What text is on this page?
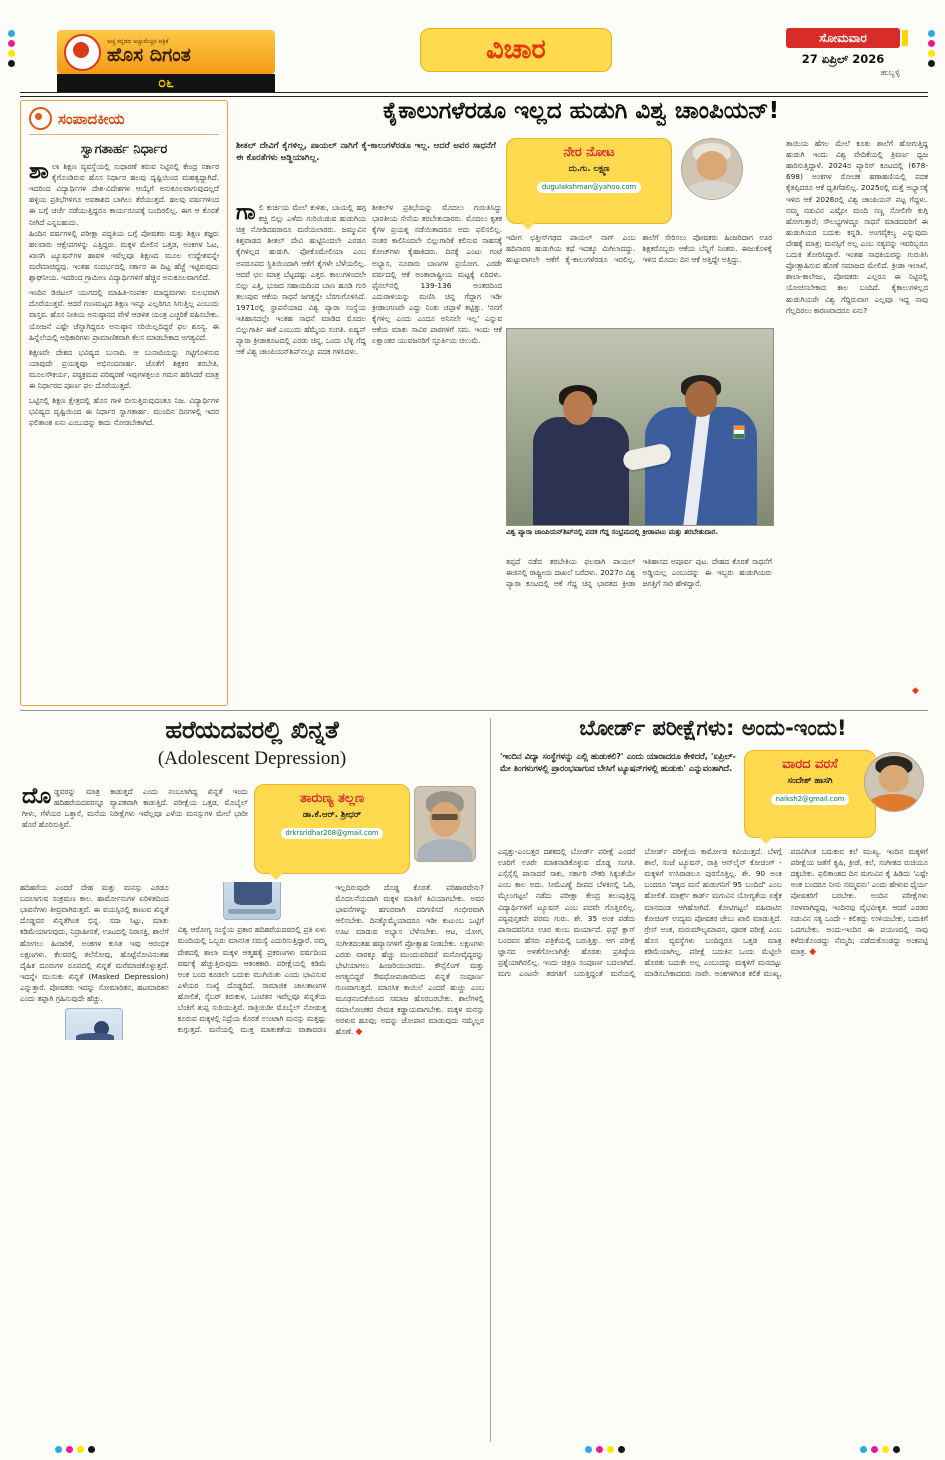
ಅಚ್ಚ ಕನ್ನಡದ ಅಚ್ಚುಮೆಚ್ಚಿನ ಪತ್ರಿಕೆ
ಹೊಸ ದಿಗಂತ
೦೬
ವಿಚಾರ	ಸೋಮವಾರ
27 ಏಪ್ರಿಲ್ 2026
ಹುಬ್ಬಳ್ಳಿ
ಸಂಪಾದಕೀಯ
ಸ್ವಾಗತಾರ್ಹ ನಿರ್ಧಾರ
ಶಾಲಾ ಶಿಕ್ಷಣ ವ್ಯವಸ್ಥೆಯಲ್ಲಿ ಸುಧಾರಣೆ ತರುವ ನಿಟ್ಟಿನಲ್ಲಿ ಕೇಂದ್ರ ಸರ್ಕಾರ ಕೈಗೊಂಡಿರುವ ಹೊಸ ನಿರ್ಧಾರ ಹಲವು ದೃಷ್ಟಿಯಿಂದ ಮಹತ್ವದ್ದಾಗಿದೆ. ಇದರಿಂದ ವಿದ್ಯಾರ್ಥಿಗಳ ದೇಶ-ವಿದೇಶಗಳ ಆಯ್ಕೆಗೆ ಅನುಕೂಲವಾಗುವುದಲ್ಲದೆ ಹಳ್ಳಿಯ ಪ್ರತಿಭೆಗಳಿಗೂ ಅವಕಾಶದ ಬಾಗಿಲು ತೆರೆಯುತ್ತದೆ. ಹಲವು ವರ್ಷಗಳಿಂದ ಈ ಬಗ್ಗೆ ಚರ್ಚೆ ನಡೆಯುತ್ತಿದ್ದರೂ ಕಾರ್ಯರೂಪಕ್ಕೆ ಬಂದಿರಲಿಲ್ಲ. ಈಗ ಆ ಕೊರತೆ ನೀಗಿದೆ ಎನ್ನಬಹುದು.

ಹಿಂದಿನ ವರ್ಷಗಳಲ್ಲಿ ಪರೀಕ್ಷಾ ಪದ್ಧತಿಯ ಬಗ್ಗೆ ಪೋಷಕರು ಮತ್ತು ಶಿಕ್ಷಣ ತಜ್ಞರು ಹಲವಾರು ಆಕ್ಷೇಪಗಳನ್ನು ಎತ್ತಿದ್ದರು. ಮಕ್ಕಳ ಮೇಲಿನ ಒತ್ತಡ, ಅಂಕಗಳ ಓಟ, ಖಾಸಗಿ ಟ್ಯೂಷನ್‌ಗಳ ಹಾವಳಿ ಇವೆಲ್ಲವೂ ಶಿಕ್ಷಣದ ಮೂಲ ಉದ್ದೇಶವನ್ನೇ ಮರೆಮಾಚಿದ್ದವು. ಇಂತಹ ಸಂದರ್ಭದಲ್ಲಿ ಸರ್ಕಾರ ಈ ದಿಟ್ಟ ಹೆಜ್ಜೆ ಇಟ್ಟಿರುವುದು ಶ್ಲಾಘನೀಯ. ಇದರಿಂದ ಗ್ರಾಮೀಣ ವಿದ್ಯಾರ್ಥಿಗಳಿಗೆ ಹೆಚ್ಚಿನ ಅನುಕೂಲವಾಗಲಿದೆ.

ಇಂದಿನ ಡಿಜಿಟಲ್ ಯುಗದಲ್ಲಿ ಮಾಹಿತಿ-ಸಂಪರ್ಕ ಮಾಧ್ಯಮಗಳು ಸುಲಭವಾಗಿ ದೊರೆಯುತ್ತವೆ. ಆದರೆ ಗುಣಮಟ್ಟದ ಶಿಕ್ಷಣ ಇನ್ನೂ ಎಲ್ಲರಿಗೂ ಸಿಗುತ್ತಿಲ್ಲ ಎಂಬುದು ವಾಸ್ತವ. ಹೊಸ ನೀತಿಯ ಅನುಷ್ಠಾನದ ವೇಳೆ ಆಡಳಿತ ಯಂತ್ರ ಎಚ್ಚರಿಕೆ ವಹಿಸಬೇಕು. ಯೋಜನೆ ಎಷ್ಟೇ ಚೆನ್ನಾಗಿದ್ದರೂ ಅನುಷ್ಠಾನ ಸರಿಯಿಲ್ಲದಿದ್ದರೆ ಫಲ ಶೂನ್ಯ. ಈ ಹಿನ್ನೆಲೆಯಲ್ಲಿ ಅಧಿಕಾರಿಗಳು ಪ್ರಾಮಾಣಿಕವಾಗಿ ಕೆಲಸ ಮಾಡಬೇಕಾದ ಅಗತ್ಯವಿದೆ.

ಶಿಕ್ಷಣವೇ ದೇಶದ ಭವಿಷ್ಯದ ಬುನಾದಿ. ಆ ಬುನಾದಿಯನ್ನು ಗಟ್ಟಿಗೊಳಿಸುವ ಯಾವುದೇ ಪ್ರಯತ್ನವೂ ಅಭಿನಂದನಾರ್ಹ. ಜೊತೆಗೆ ಶಿಕ್ಷಕರ ತರಬೇತಿ, ಮೂಲಸೌಕರ್ಯ, ಪಠ್ಯಕ್ರಮದ ಪರಿಷ್ಕರಣೆ ಇವುಗಳತ್ತಲೂ ಗಮನ ಹರಿಸಿದರೆ ಮಾತ್ರ ಈ ನಿರ್ಧಾರದ ಪೂರ್ಣ ಫಲ ದೊರೆಯುತ್ತದೆ.

ಒಟ್ಟಿನಲ್ಲಿ ಶಿಕ್ಷಣ ಕ್ಷೇತ್ರದಲ್ಲಿ ಹೊಸ ಗಾಳಿ ಬೀಸುತ್ತಿರುವುದಂತೂ ನಿಜ. ವಿದ್ಯಾರ್ಥಿಗಳ ಭವಿಷ್ಯದ ದೃಷ್ಟಿಯಿಂದ ಈ ನಿರ್ಧಾರ ಸ್ವಾಗತಾರ್ಹ. ಮುಂದಿನ ದಿನಗಳಲ್ಲಿ ಇದರ ಫಲಿತಾಂಶ ಏನು ಎಂಬುದನ್ನು ಕಾದು ನೋಡಬೇಕಾಗಿದೆ.

ಕೈಕಾಲುಗಳೆರಡೂ ಇಲ್ಲದ ಹುಡುಗಿ ವಿಶ್ವ ಚಾಂಪಿಯನ್!
ಶೀತಲ್ ದೇವಿಗೆ ಕೈಗಳಿಲ್ಲ, ಪಾಯಲ್ ನಾಗಿಗೆ ಕೈ-ಕಾಲುಗಳೆರಡೂ ಇಲ್ಲ. ಆದರೆ ಅವರ ಸಾಧನೆಗೆ ಈ ಕೊರತೆಗಳು ಅಡ್ಡಿಯಾಗಿಲ್ಲ.	ನೇರ ನೋಟ
ದು.ಗು. ಲಕ್ಷ್ಮಣ
dugulakshman@yahoo.com
ಗಾಲಿ ಕುರ್ಚಿಯ ಮೇಲೆ ಕುಳಿತು, ಬಾಯಲ್ಲಿ ಹಗ್ಗ ಕಚ್ಚಿ ಬಿಲ್ಲು ಎಳೆದು ಗುರಿಯಿಡುವ ಹುಡುಗಿಯ ಚಿತ್ರ ನೋಡಿದವರಾರೂ ಮರೆಯಲಾರರು. ಜಮ್ಮುವಿನ ಕಿಶ್ತವಾಡದ ಶೀತಲ್ ದೇವಿ ಹುಟ್ಟಿನಿಂದಲೇ ಎರಡೂ ಕೈಗಳಿಲ್ಲದ ಹುಡುಗಿ. ಫೋಕೊಮೇಲಿಯಾ ಎಂಬ ಅಪರೂಪದ ಸ್ಥಿತಿಯಿಂದಾಗಿ ಆಕೆಗೆ ಕೈಗಳೇ ಬೆಳೆಯಲಿಲ್ಲ. ಆದರೆ ಛಲ ಮಾತ್ರ ಬೆಟ್ಟದಷ್ಟು ಎತ್ತರ. ಕಾಲುಗಳಿಂದಲೇ ಬಿಲ್ಲು ಎತ್ತಿ, ಭುಜದ ಸಹಾಯದಿಂದ ಬಾಣ ಹೂಡಿ ಗುರಿ ತಲುಪುವ ಆಕೆಯ ಸಾಧನೆ ಜಗತ್ತನ್ನೇ ಬೆರಗುಗೊಳಿಸಿದೆ. 1971ರಲ್ಲಿ ಸ್ಥಾಪನೆಯಾದ ವಿಶ್ವ ಪ್ಯಾರಾ ಸಂಸ್ಥೆಯ ಇತಿಹಾಸದಲ್ಲೇ ಇಂತಹ ಸಾಧನೆ ಮಾಡಿದ ಮೊದಲ ಬಿಲ್ಲುಗಾರ್ತಿ ಈಕೆ ಎಂಬುದು ಹೆಮ್ಮೆಯ ಸಂಗತಿ. ಏಷ್ಯನ್ ಪ್ಯಾರಾ ಕ್ರೀಡಾಕೂಟದಲ್ಲಿ ಎರಡು ಚಿನ್ನ, ಒಂದು ಬೆಳ್ಳಿ ಗೆದ್ದ ಆಕೆ ವಿಶ್ವ ಚಾಂಪಿಯನ್‌ಶಿಪ್‌ನಲ್ಲೂ ಪದಕ ಗಳಿಸಿದಳು.
ಶೀತಲ್‌ಳ ಪ್ರತಿಭೆಯನ್ನು ಮೊದಲು ಗುರುತಿಸಿದ್ದು ಭಾರತೀಯ ಸೇನೆಯ ತರಬೇತುದಾರರು. ಮೊದಲು ಕೃತಕ ಕೈಗಳ ಪ್ರಯತ್ನ ನಡೆಯಿತಾದರೂ ಅದು ಫಲಿಸಲಿಲ್ಲ. ನಂತರ ಕಾಲಿನಿಂದಲೇ ಬಿಲ್ಲುಗಾರಿಕೆ ಕಲಿಸುವ ಸಾಹಸಕ್ಕೆ ಕೋಚ್‌ಗಳು ಕೈಹಾಕಿದರು. ದಿನಕ್ಕೆ ಎಂಟು ಗಂಟೆ ಅಭ್ಯಾಸ, ನೂರಾರು ಬಾಣಗಳ ಪ್ರಯೋಗ. ಎರಡೇ ವರ್ಷದಲ್ಲಿ ಆಕೆ ಅಂತಾರಾಷ್ಟ್ರೀಯ ಮಟ್ಟಕ್ಕೆ ಏರಿದಳು. ಫೈನಲ್‌ನಲ್ಲಿ 139-136 ಅಂತರದಿಂದ ಎದುರಾಳಿಯನ್ನು ಮಣಿಸಿ ಚಿನ್ನ ಗೆದ್ದಾಗ ಇಡೀ ಕ್ರೀಡಾಂಗಣವೇ ಎದ್ದು ನಿಂತು ಚಪ್ಪಾಳೆ ತಟ್ಟಿತ್ತು. 'ನನಗೆ ಕೈಗಳಿಲ್ಲ ಎಂದು ಎಂದೂ ಅನಿಸಲೇ ಇಲ್ಲ' ಎನ್ನುವ ಆಕೆಯ ಮಾತು ಸಾವಿರ ಪಾಠಗಳಿಗೆ ಸಮ. ಇಂದು ಆಕೆ ಲಕ್ಷಾಂತರ ಯುವಜನರಿಗೆ ಸ್ಫೂರ್ತಿಯ ಚಿಲುಮೆ.
ಇದೀಗ ಛತ್ತೀಸ್‌ಗಢದ ಪಾಯಲ್ ನಾಗ್ ಎಂಬ ಹದಿನಾರರ ಹುಡುಗಿಯ ಕಥೆ ಇದಕ್ಕೂ ಮಿಗಿಲಾದದ್ದು. ಹುಟ್ಟುವಾಗಲೇ ಆಕೆಗೆ ಕೈ-ಕಾಲುಗಳೆರಡೂ ಇರಲಿಲ್ಲ. ಶಾಲೆಗೆ ಸೇರಿಸಲು ಪೋಷಕರು ಹಿಂಜರಿದಾಗ ಊರ ಶಿಕ್ಷಕರೊಬ್ಬರು ಆಕೆಯ ಬೆನ್ನಿಗೆ ನಿಂತರು. ಈಜುಕೊಳಕ್ಕೆ ಇಳಿದ ಮೊದಲ ದಿನ ಆಕೆ ಅತ್ತಿದ್ದೇ ಅತ್ತಿದ್ದು.
ವಿಶ್ವ ಪ್ಯಾರಾ ಚಾಂಪಿಯನ್‌ಶಿಪ್‌ನಲ್ಲಿ ಪದಕ ಗೆದ್ದ ಸಂಭ್ರಮದಲ್ಲಿ ಕ್ರೀಡಾಪಟು ಮತ್ತು ತರಬೇತುದಾರ.
ತಪ್ಪದೆ ನಡೆದ ತರಬೇತಿಯ ಫಲವಾಗಿ ಪಾಯಲ್ ಈಜಿನಲ್ಲಿ ರಾಷ್ಟ್ರೀಯ ದಾಖಲೆ ಬರೆದಳು. 2027ರ ವಿಶ್ವ ಪ್ಯಾರಾ ಕೂಟದಲ್ಲಿ ಆಕೆ ಗೆದ್ದ ಚಿನ್ನ ಭಾರತದ ಕ್ರೀಡಾ ಇತಿಹಾಸದ ಅಪೂರ್ವ ಪುಟ. ದೇಹದ ಕೊರತೆ ಸಾಧನೆಗೆ ಅಡ್ಡಿಯಲ್ಲ ಎಂಬುದನ್ನು ಈ ಇಬ್ಬರು ಹುಡುಗಿಯರು ಜಗತ್ತಿಗೆ ಸಾರಿ ಹೇಳಿದ್ದಾರೆ.
ತಾಯಿಯ ಹೆಗಲ ಮೇಲೆ ಕೂತು ಶಾಲೆಗೆ ಹೋಗುತ್ತಿದ್ದ ಹುಡುಗಿ ಇಂದು ವಿಶ್ವ ವೇದಿಕೆಯಲ್ಲಿ ತ್ರಿವರ್ಣ ಧ್ವಜ ಹಾರಿಸುತ್ತಿದ್ದಾಳೆ. 2024ರ ಪ್ಯಾರಿಸ್ ಕೂಟದಲ್ಲಿ (678-698) ಅಂಕಗಳ ರೋಚಕ ಹಣಾಹಣಿಯಲ್ಲಿ ಪದಕ ಕೈತಪ್ಪಿದರೂ ಆಕೆ ಧೃತಿಗೆಡಲಿಲ್ಲ. 2025ರಲ್ಲಿ ಮತ್ತೆ ಅಭ್ಯಾಸಕ್ಕೆ ಇಳಿದ ಆಕೆ 2026ರಲ್ಲಿ ವಿಶ್ವ ಚಾಂಪಿಯನ್ ಪಟ್ಟ ಗೆದ್ದಳು. ನಮ್ಮ ನಡುವಿನ ಎಷ್ಟೋ ಮಂದಿ ಸಣ್ಣ ಸೋಲಿಗೇ ಕುಗ್ಗಿ ಹೋಗುತ್ತಾರೆ; ಸೌಲಭ್ಯಗಳಿದ್ದೂ ಸಾಧನೆ ಮಾಡದವರಿಗೆ ಈ ಹುಡುಗಿಯರ ಬದುಕು ಕನ್ನಡಿ. ಅಂಗವೈಕಲ್ಯ ಎನ್ನುವುದು ದೇಹಕ್ಕೆ ಮಾತ್ರ; ಮನಸ್ಸಿಗೆ ಅಲ್ಲ ಎಂಬ ಸತ್ಯವನ್ನು ಇವರಿಬ್ಬರೂ ಬದುಕಿ ತೋರಿಸಿದ್ದಾರೆ. ಇಂತಹ ಸಾಧಕಿಯರನ್ನು ಗುರುತಿಸಿ ಪ್ರೋತ್ಸಾಹಿಸುವ ಹೊಣೆ ಸಮಾಜದ ಮೇಲಿದೆ. ಕ್ರೀಡಾ ಇಲಾಖೆ, ಶಾಲಾ-ಕಾಲೇಜು, ಪೋಷಕರು ಎಲ್ಲರೂ ಈ ನಿಟ್ಟಿನಲ್ಲಿ ಯೋಚಿಸಬೇಕಾದ ಕಾಲ ಬಂದಿದೆ. ಕೈಕಾಲುಗಳಿಲ್ಲದ ಹುಡುಗಿಯರೇ ವಿಶ್ವ ಗೆದ್ದಿರುವಾಗ ಎಲ್ಲವೂ ಇದ್ದ ನಾವು ಗೆಲ್ಲದಿರಲು ಕಾರಣವಾದರೂ ಏನು?
◆
ಹರೆಯದವರಲ್ಲಿ ಖಿನ್ನತೆ
(Adolescent Depression)
ದೊಡ್ಡವರನ್ನು ಮಾತ್ರ ಕಾಡುತ್ತದೆ ಎಂದು ನಂಬಲಾಗಿದ್ದ ಖಿನ್ನತೆ ಇಂದು ಹದಿಹರೆಯದವರನ್ನೂ ವ್ಯಾಪಕವಾಗಿ ಕಾಡುತ್ತಿದೆ. ಪರೀಕ್ಷೆಯ ಒತ್ತಡ, ಮೊಬೈಲ್ ಗೀಳು, ಗೆಳೆಯರ ಒತ್ತಾಸೆ, ಮನೆಯ ನಿರೀಕ್ಷೆಗಳು ಇವೆಲ್ಲವೂ ಎಳೆಯ ಮನಸ್ಸುಗಳ ಮೇಲೆ ಭಾರೀ ಹೊರೆ ಹೊರಿಸುತ್ತಿವೆ.
ತಾರುಣ್ಯ ತಲ್ಲಣ
ಡಾ.ಕೆ.ಆರ್. ಶ್ರೀಧರ್
drkrsridhar208@gmail.com
ಹದಿಹರೆಯ ಎಂದರೆ ದೇಹ ಮತ್ತು ಮನಸ್ಸು ಎರಡೂ ಬದಲಾಗುವ ಸಂಕ್ರಮಣ ಕಾಲ. ಹಾರ್ಮೋನುಗಳ ಏರಿಳಿತದಿಂದ ಭಾವನೆಗಳು ತೀವ್ರವಾಗಿರುತ್ತವೆ. ಈ ವಯಸ್ಸಿನಲ್ಲಿ ಕಾಣುವ ಖಿನ್ನತೆ ದೊಡ್ಡವರ ಖಿನ್ನತೆಗಿಂತ ಭಿನ್ನ. ಸದಾ ಸಿಟ್ಟು, ಮಾತು ಕಡಿಮೆಯಾಗುವುದು, ನಿದ್ರಾಹೀನತೆ, ಊಟದಲ್ಲಿ ನಿರಾಸಕ್ತಿ, ಶಾಲೆಗೆ ಹೋಗಲು ಹಿಂಜರಿಕೆ, ಅಂಕಗಳ ಕುಸಿತ ಇವು ಆರಂಭಿಕ ಲಕ್ಷಣಗಳು. ಕೆಲವರಲ್ಲಿ ತಲೆನೋವು, ಹೊಟ್ಟೆನೋವಿನಂತಹ ದೈಹಿಕ ದೂರುಗಳ ರೂಪದಲ್ಲಿ ಖಿನ್ನತೆ ಮರೆಮಾಚಿಕೊಳ್ಳುತ್ತದೆ. ಇದನ್ನೇ ಮುಸುಕು ಖಿನ್ನತೆ (Masked Depression) ಎನ್ನುತ್ತಾರೆ. ಪೋಷಕರು ಇದನ್ನು ಸೋಮಾರಿತನ, ಹಟಮಾರಿತನ ಎಂದು ತಪ್ಪಾಗಿ ಗ್ರಹಿಸುವುದೇ ಹೆಚ್ಚು.
ವಿಶ್ವ ಆರೋಗ್ಯ ಸಂಸ್ಥೆಯ ಪ್ರಕಾರ ಹದಿಹರೆಯದವರಲ್ಲಿ ಪ್ರತಿ ಏಳು ಮಂದಿಯಲ್ಲಿ ಒಬ್ಬರು ಮಾನಸಿಕ ಸಮಸ್ಯೆ ಎದುರಿಸುತ್ತಿದ್ದಾರೆ. ನಮ್ಮ ದೇಶದಲ್ಲಿ ಶಾಲಾ ಮಕ್ಕಳ ಆತ್ಮಹತ್ಯೆ ಪ್ರಕರಣಗಳು ವರ್ಷದಿಂದ ವರ್ಷಕ್ಕೆ ಹೆಚ್ಚುತ್ತಿರುವುದು ಆತಂಕಕಾರಿ. ಪರೀಕ್ಷೆಯಲ್ಲಿ ಕಡಿಮೆ ಅಂಕ ಬಂದ ಕೂಡಲೇ ಬದುಕು ಮುಗಿಯಿತು ಎಂದು ಭಾವಿಸುವ ಎಳೆಯರ ಸಂಖ್ಯೆ ದೊಡ್ಡದಿದೆ. ಸಾಮಾಜಿಕ ಜಾಲತಾಣಗಳ ಹೋಲಿಕೆ, ಸೈಬರ್ ಕಿರುಕುಳ, ಒಂಟಿತನ ಇವೆಲ್ಲವೂ ಖಿನ್ನತೆಯ ಬೆಂಕಿಗೆ ತುಪ್ಪ ಸುರಿಯುತ್ತಿವೆ. ರಾತ್ರಿಯಿಡೀ ಮೊಬೈಲ್ ನೋಡುತ್ತ ಕೂರುವ ಮಕ್ಕಳಲ್ಲಿ ನಿದ್ರೆಯ ಕೊರತೆ ಉಂಟಾಗಿ ಮನಸ್ಸು ಮತ್ತಷ್ಟು ಕುಗ್ಗುತ್ತದೆ. ಮನೆಯಲ್ಲಿ ಮುಕ್ತ ಮಾತುಕತೆಯ ವಾತಾವರಣ ಇಲ್ಲದಿರುವುದೇ ದೊಡ್ಡ ಕೊರತೆ. ಪರಿಹಾರವೇನು? ಮೊದಲನೆಯದಾಗಿ ಮಕ್ಕಳ ಮಾತಿಗೆ ಕಿವಿಯಾಗಬೇಕು. ಅವರ ಭಾವನೆಗಳನ್ನು ಹಗುರವಾಗಿ ಪರಿಗಣಿಸದೆ ಗಂಭೀರವಾಗಿ ಆಲಿಸಬೇಕು. ದಿನಕ್ಕೊಮ್ಮೆಯಾದರೂ ಇಡೀ ಕುಟುಂಬ ಒಟ್ಟಿಗೆ ಊಟ ಮಾಡುವ ಅಭ್ಯಾಸ ಬೆಳೆಸಬೇಕು. ಆಟ, ಯೋಗ, ಸಂಗೀತದಂತಹ ಹವ್ಯಾಸಗಳಿಗೆ ಪ್ರೋತ್ಸಾಹ ನೀಡಬೇಕು. ಲಕ್ಷಣಗಳು ಎರಡು ವಾರಕ್ಕೂ ಹೆಚ್ಚು ಮುಂದುವರಿದರೆ ಮನೋವೈದ್ಯರನ್ನು ಭೇಟಿಯಾಗಲು ಹಿಂಜರಿಯಬಾರದು. ಕೌನ್ಸೆಲಿಂಗ್ ಮತ್ತು ಅಗತ್ಯಬಿದ್ದರೆ ಔಷಧೋಪಚಾರದಿಂದ ಖಿನ್ನತೆ ಸಂಪೂರ್ಣ ಗುಣವಾಗುತ್ತದೆ. ಮಾನಸಿಕ ಕಾಯಿಲೆ ಎಂದರೆ ಹುಚ್ಚು ಎಂಬ ಮೂಢನಂಬಿಕೆಯಿಂದ ಸಮಾಜ ಹೊರಬರಬೇಕು. ಶಾಲೆಗಳಲ್ಲಿ ಸಮಾಲೋಚಕರ ನೇಮಕ ಕಡ್ಡಾಯವಾಗಬೇಕು. ಮಕ್ಕಳ ಮನಸ್ಸು ಅರಳುವ ಹೂವು; ಅದನ್ನು ಜೋಪಾನ ಮಾಡುವುದು ನಮ್ಮೆಲ್ಲರ ಹೊಣೆ. ◆
ಬೋರ್ಡ್ ಪರೀಕ್ಷೆಗಳು: ಅಂದು-ಇಂದು!
'ಇಂದಿನ ವಿದ್ಯಾ ಸಂಸ್ಥೆಗಳನ್ನು ಎಲ್ಲಿ ಹುಡುಕಲಿ?' ಎಂದು ಯಾರಾದರೂ ಕೇಳಿದರೆ, 'ಏಪ್ರಿಲ್-ಮೇ ತಿಂಗಳುಗಳಲ್ಲಿ ಪ್ರಾರಂಭವಾಗುವ ಬೇಸಿಗೆ ಟ್ಯೂಷನ್‌ಗಳಲ್ಲಿ ಹುಡುಕು' ಎನ್ನುವಂತಾಗಿದೆ.	ವಾರದ ವರಸೆ
ಸಂದೇಶ್ ಹಾಸಗಿ
naiksh2@gmail.com
ಎಪ್ಪತ್ತು-ಎಂಬತ್ತರ ದಶಕದಲ್ಲಿ ಬೋರ್ಡ್ ಪರೀಕ್ಷೆ ಎಂದರೆ ಊರಿಗೆ ಊರೇ ಮಾತನಾಡಿಕೊಳ್ಳುವ ದೊಡ್ಡ ಸಂಗತಿ. ಎಸ್ಸೆಸ್ಸೆಲ್ಸಿ ಪಾಸಾದರೆ ಸಾಕು, ಸರ್ಕಾರಿ ನೌಕರಿ ಸಿಕ್ಕಂತೆಯೇ ಎಂಬ ಕಾಲ ಅದು. ಸೀಮೆಎಣ್ಣೆ ದೀಪದ ಬೆಳಕಿನಲ್ಲಿ ಓದಿ, ಮೈಲುಗಟ್ಟಲೆ ನಡೆದು ಪರೀಕ್ಷಾ ಕೇಂದ್ರ ತಲುಪುತ್ತಿದ್ದ ವಿದ್ಯಾರ್ಥಿಗಳಿಗೆ ಟ್ಯೂಷನ್ ಎಂಬ ಪದವೇ ಗೊತ್ತಿರಲಿಲ್ಲ. ಪಠ್ಯಪುಸ್ತಕವೇ ಪರಮ ಗುರು. ಶೇ. 35 ಅಂಕ ಪಡೆದು ಪಾಸಾದವನಿಗೂ ಊರ ತುಂಬ ಮರ್ಯಾದೆ. ಫಸ್ಟ್ ಕ್ಲಾಸ್ ಬಂದವನ ಹೆಸರು ಪತ್ರಿಕೆಯಲ್ಲಿ ಬರುತ್ತಿತ್ತು. ಆಗ ಪರೀಕ್ಷೆ ಜ್ಞಾನದ ಅಳತೆಗೋಲಾಗಿತ್ತೇ ಹೊರತು ಪ್ರತಿಷ್ಠೆಯ ಪ್ರಶ್ನೆಯಾಗಿರಲಿಲ್ಲ. ಇಂದು ಚಿತ್ರಣ ಸಂಪೂರ್ಣ ಬದಲಾಗಿದೆ. ಮಗು ಎಂಟನೇ ತರಗತಿಗೆ ಬರುತ್ತಿದ್ದಂತೆ ಮನೆಯಲ್ಲಿ ಬೋರ್ಡ್ ಪರೀಕ್ಷೆಯ ಕಾರ್ಮೋಡ ಕವಿಯುತ್ತದೆ. ಬೆಳಗ್ಗೆ ಶಾಲೆ, ಸಂಜೆ ಟ್ಯೂಷನ್, ರಾತ್ರಿ ಆನ್‌ಲೈನ್ ಕೋಚಿಂಗ್ - ಮಕ್ಕಳಿಗೆ ಉಸಿರಾಡಲೂ ಪುರಸೊತ್ತಿಲ್ಲ. ಶೇ. 90 ಅಂಕ ಬಂದರೂ 'ಪಕ್ಕದ ಮನೆ ಹುಡುಗನಿಗೆ 95 ಬಂದಿದೆ' ಎಂಬ ಹೋಲಿಕೆ. ಮಾರ್ಕ್ಸ್ ಕಾರ್ಡ್ ಮಗುವಿನ ಯೋಗ್ಯತೆಯ ಏಕೈಕ ಮಾನದಂಡ ಆಗಿಹೋಗಿದೆ. ಕೋಟಿಗಟ್ಟಲೆ ವಹಿವಾಟಿನ ಕೋಚಿಂಗ್ ಉದ್ಯಮ ಪೋಷಕರ ಜೇಬು ಖಾಲಿ ಮಾಡುತ್ತಿದೆ. ಗ್ರೇಸ್ ಅಂಕ, ಮರುಮೌಲ್ಯಮಾಪನ, ಪೂರಕ ಪರೀಕ್ಷೆ ಎಂಬ ಹೊಸ ವ್ಯವಸ್ಥೆಗಳು ಬಂದಿದ್ದರೂ ಒತ್ತಡ ಮಾತ್ರ ಕಡಿಮೆಯಾಗಿಲ್ಲ. ಪರೀಕ್ಷೆ ಬದುಕಿನ ಒಂದು ಮೆಟ್ಟಿಲೇ ಹೊರತು ಬದುಕೇ ಅಲ್ಲ ಎಂಬುದನ್ನು ಮಕ್ಕಳಿಗೆ ಮನದಟ್ಟು ಮಾಡಿಸಬೇಕಾದವರು ನಾವೇ. ಅಂಕಗಳಿಗಿಂತ ಕಲಿಕೆ ಮುಖ್ಯ, ಪದವಿಗಿಂತ ಬದುಕುವ ಕಲೆ ಮುಖ್ಯ. ಇಂದಿನ ಮಕ್ಕಳಿಗೆ ಪರೀಕ್ಷೆಯ ಜತೆಗೆ ಕೃಷಿ, ಕ್ರೀಡೆ, ಕಲೆ, ಸಂಗೀತದ ರುಚಿಯೂ ದಕ್ಕಬೇಕು. ಫಲಿತಾಂಶದ ದಿನ ಮಗುವಿನ ಕೈ ಹಿಡಿದು 'ಎಷ್ಟೇ ಅಂಕ ಬಂದರೂ ನೀನು ನಮ್ಮವನು' ಎಂದು ಹೇಳುವ ಧೈರ್ಯ ಪೋಷಕರಿಗೆ ಬರಬೇಕು. ಅಂದಿನ ಪರೀಕ್ಷೆಗಳು ಸರಳವಾಗಿದ್ದವು, ಇಂದಿನವು ವೈಭವೀಕೃತ. ಆದರೆ ಎರಡರ ನಡುವಿನ ಸತ್ಯ ಒಂದೇ - ಕಲಿತದ್ದು ಉಳಿಯಬೇಕು, ಬದುಕಿಗೆ ಒದಗಬೇಕು. ಅಂದು-ಇಂದಿನ ಈ ಪಯಣದಲ್ಲಿ ನಾವು ಕಳೆದುಕೊಂಡದ್ದು ನೆಮ್ಮದಿ; ಪಡೆದುಕೊಂಡದ್ದು ಅಂಕಪಟ್ಟಿ ಮಾತ್ರ. ◆
